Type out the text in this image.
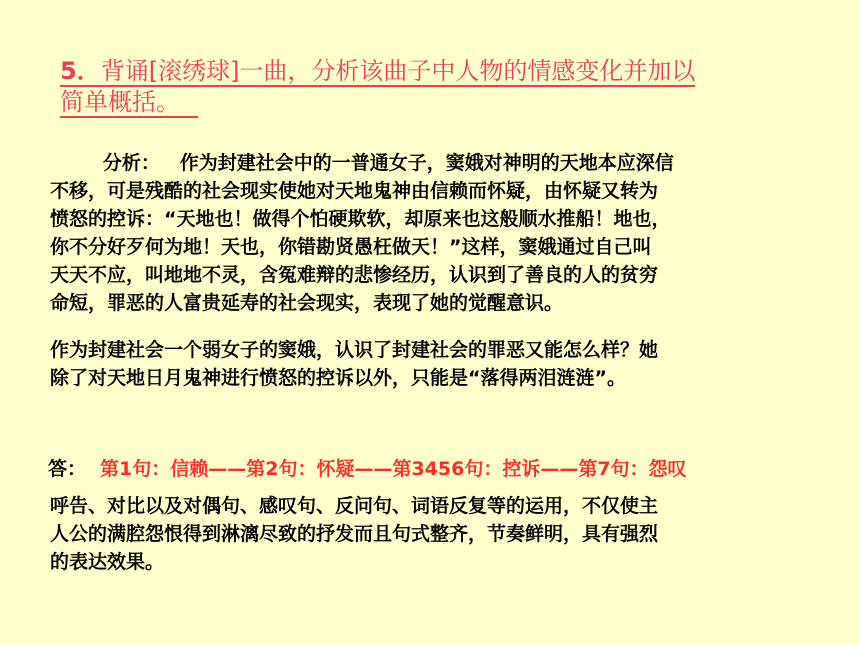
5．背诵[滚绣球]一曲，分析该曲子中人物的情感变化并加以
简单概括。
分析：   作为封建社会中的一普通女子，窦娥对神明的天地本应深信
不移，可是残酷的社会现实使她对天地鬼神由信赖而怀疑，由怀疑又转为
愤怒的控诉：“天地也！做得个怕硬欺软，却原来也这般顺水推船！地也，
你不分好歹何为地！天也，你错勘贤愚枉做天！”这样，窦娥通过自己叫
天天不应，叫地地不灵，含冤难辩的悲惨经历，认识到了善良的人的贫穷
命短，罪恶的人富贵延寿的社会现实，表现了她的觉醒意识。
作为封建社会一个弱女子的窦娥，认识了封建社会的罪恶又能怎么样？她
除了对天地日月鬼神进行愤怒的控诉以外，只能是“落得两泪涟涟”。
答： 第1句：信赖——第2句：怀疑——第3456句：控诉——第7句：怨叹
呼告、对比以及对偶句、感叹句、反问句、词语反复等的运用，不仅使主
人公的满腔怨恨得到淋漓尽致的抒发而且句式整齐，节奏鲜明，具有强烈
的表达效果。
